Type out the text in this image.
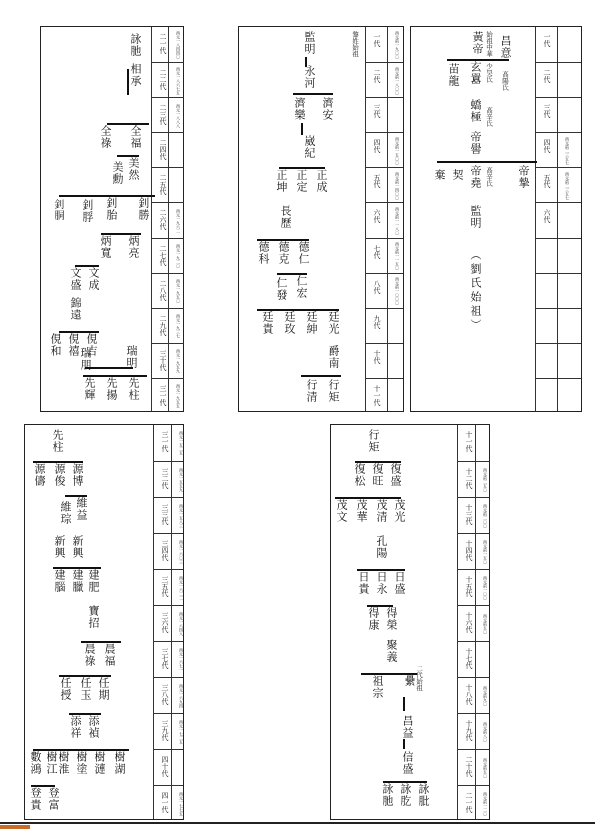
二一代	西元一八四四〇
二二代	西元一八六七五
二三代	西元一八八八
二四代
二五代
二六代	西元一九六二
二七代	西元一九二〇
二八代	西元一九五〇
二九代	西元一九三七
三十代	西元一九五九
三一代	西元一九五五
詠肔
相承
全福
全祿
美然
美勳
釗勝
釗胎
釗脬
釗胴
炳亮
炳寬
文成
文盛
錦遠
俔吉
俔禧
俔和	瑞明
瑞朋
先柱
先揚
先輝
一代	西元前一九〇〇
二代	西元前一八〇〇
三代
四代	西元前一五〇〇
五代	西元前一四〇〇
六代	西元前一一八〇
七代	西元前一一五〇
八代	西元前一〇〇〇
九代
十代
十一代
黎姓始祖
監明
永河
濟安
濟樂
崴紀
正成
正定
正坤
長歷
德仁
德克
德科
仁宏
仁發
廷光
廷紳
廷玫
廷貴
爵南
行矩
行清
一代
二代
三代
四代	西元前二三五七
五代	西元前二三五七
六代
黃帝 始祖中華 昌意
玄囂 少昊氏 高陽氏
苗龍
蟜極 高辛氏
帝嚳
帝摯
帝堯 高辛氏
契
棄
監明
（劉氏始祖）
三一代	西元一五二五
三二代	西元一五五九
三三代	西元一五八三
三四代	西元一六〇三
三五代	西元一六二二
三六代	西元一六四八
三七代	西元一六七一
三八代	西元一六九四
三九代	西元一七二五
四十代
四一代	西元一七七五
先柱
源博
源俊
源儔
維益
維琮
新興
新興
建肥
建臘
建腦
寶招
晨福
晨祿
任期
任玉
任授
添禎
添祥
樹湖
樹漣
樹塗
樹淮
樹江
數鴻
登富
登貴
十一代
十二代	西元前二五〇
十三代	西元前二〇〇
十四代	西元前一五〇
十五代	西元前一〇〇
十六代	西元前五〇
十七代
十八代	西元前九〇
十九代	西元前八〇
二十代	西元前五〇
二一代	西元前一二〇
行矩
復盛
復旺
復松
茂光
茂清
茂華
茂文
孔陽
日盛
日永
日貴
得榮
得康
聚義
二代始祖
纍
祖宗
昌益
信盛
詠肶
詠肐
詠肔
